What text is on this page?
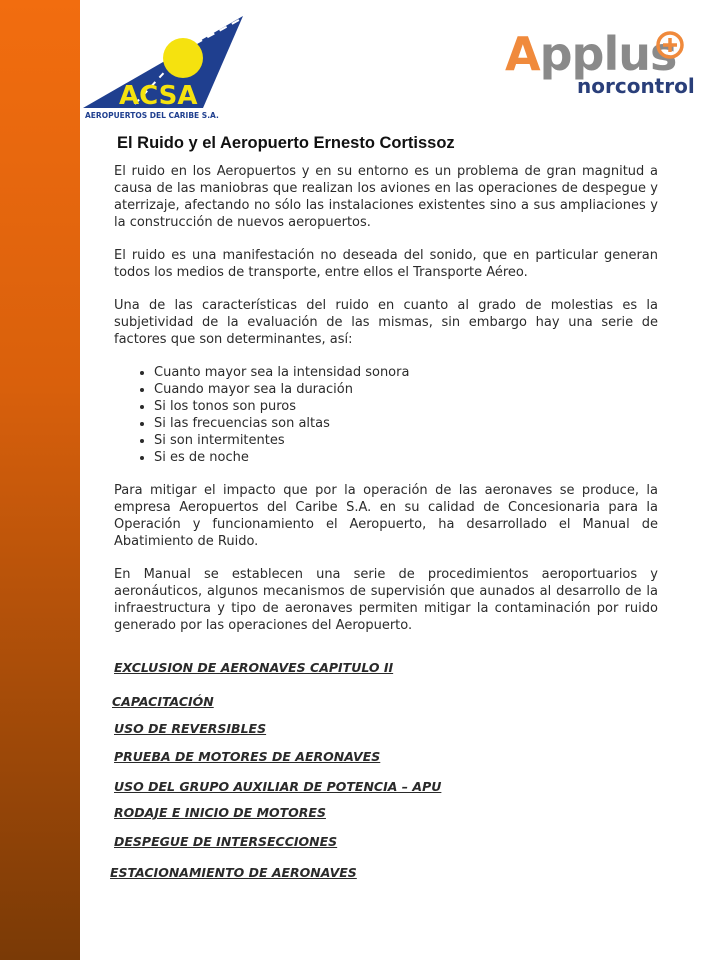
ACSA
AEROPUERTOS DEL CARIBE S.A.
Applus
norcontrol
El Ruido y el Aeropuerto Ernesto Cortissoz

El ruido en los Aeropuertos y en su entorno es un problema de gran magnitud a causa de las maniobras que realizan los aviones en las operaciones de despegue y aterrizaje, afectando no sólo las instalaciones existentes sino a sus ampliaciones y la construcción de nuevos aeropuertos.

El ruido es una manifestación no deseada del sonido, que en particular generan todos los medios de transporte, entre ellos el Transporte Aéreo.

Una de las características del ruido en cuanto al grado de molestias es la subjetividad de la evaluación de las mismas, sin embargo hay una serie de factores que son determinantes, así:

• Cuanto mayor sea la intensidad sonora
• Cuando mayor sea la duración
• Si los tonos son puros
• Si las frecuencias son altas
• Si son intermitentes
• Si es de noche

Para mitigar el impacto que por la operación de las aeronaves se produce, la empresa Aeropuertos del Caribe S.A. en su calidad de Concesionaria para la Operación y funcionamiento el Aeropuerto, ha desarrollado el Manual de Abatimiento de Ruido.

En Manual se establecen una serie de procedimientos aeroportuarios y aeronáuticos, algunos mecanismos de supervisión que aunados al desarrollo de la infraestructura y tipo de aeronaves permiten mitigar la contaminación por ruido generado por las operaciones del Aeropuerto.

EXCLUSION DE AERONAVES CAPITULO II
CAPACITACIÓN
USO DE REVERSIBLES
PRUEBA DE MOTORES DE AERONAVES
USO DEL GRUPO AUXILIAR DE POTENCIA – APU
RODAJE E INICIO DE MOTORES
DESPEGUE DE INTERSECCIONES
ESTACIONAMIENTO DE AERONAVES
